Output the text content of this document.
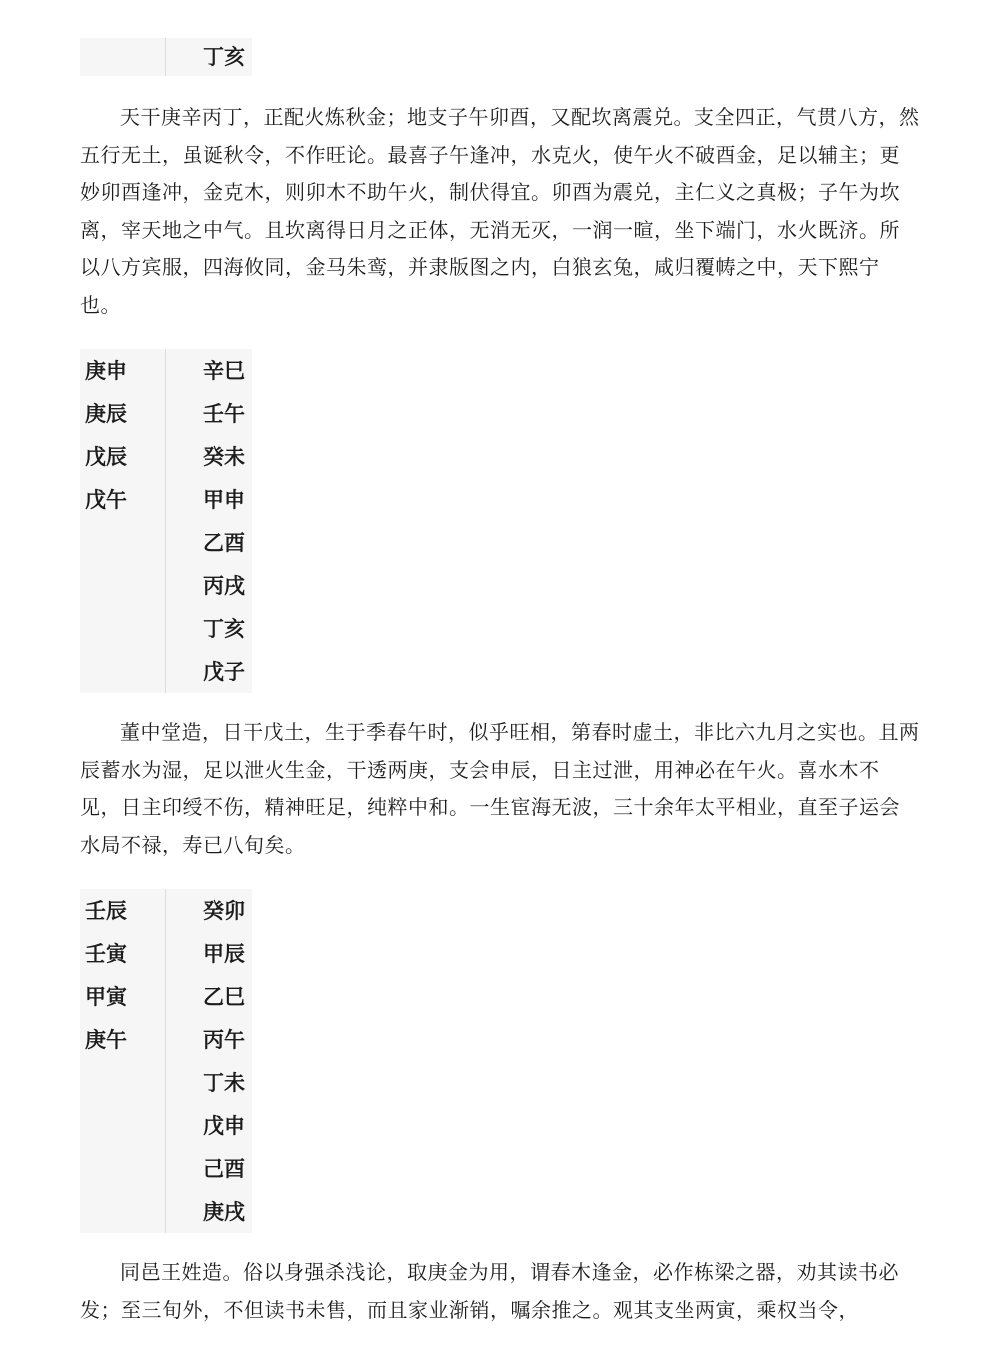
丁亥

天干庚辛丙丁，正配火炼秋金；地支子午卯酉，又配坎离震兑。支全四正，气贯八方，然五行无土，虽诞秋令，不作旺论。最喜子午逢冲，水克火，使午火不破酉金，足以辅主；更妙卯酉逢冲，金克木，则卯木不助午火，制伏得宜。卯酉为震兑，主仁义之真极；子午为坎离，宰天地之中气。且坎离得日月之正体，无消无灭，一润一暄，坐下端门，水火既济。所以八方宾服，四海攸同，金马朱鸾，并隶版图之内，白狼玄兔，咸归覆帱之中，天下熙宁也。

庚申
庚辰
戊辰
戊午
辛巳
壬午
癸未
甲申
乙酉
丙戌
丁亥
戊子

董中堂造，日干戊土，生于季春午时，似乎旺相，第春时虚土，非比六九月之实也。且两辰蓄水为湿，足以泄火生金，干透两庚，支会申辰，日主过泄，用神必在午火。喜水木不见，日主印绶不伤，精神旺足，纯粹中和。一生宦海无波，三十余年太平相业，直至子运会水局不禄，寿已八旬矣。

壬辰
壬寅
甲寅
庚午
癸卯
甲辰
乙巳
丙午
丁未
戊申
己酉
庚戌

同邑王姓造。俗以身强杀浅论，取庚金为用，谓春木逢金，必作栋梁之器，劝其读书必发；至三旬外，不但读书未售，而且家业渐销，嘱余推之。观其支坐两寅，乘权当令，
